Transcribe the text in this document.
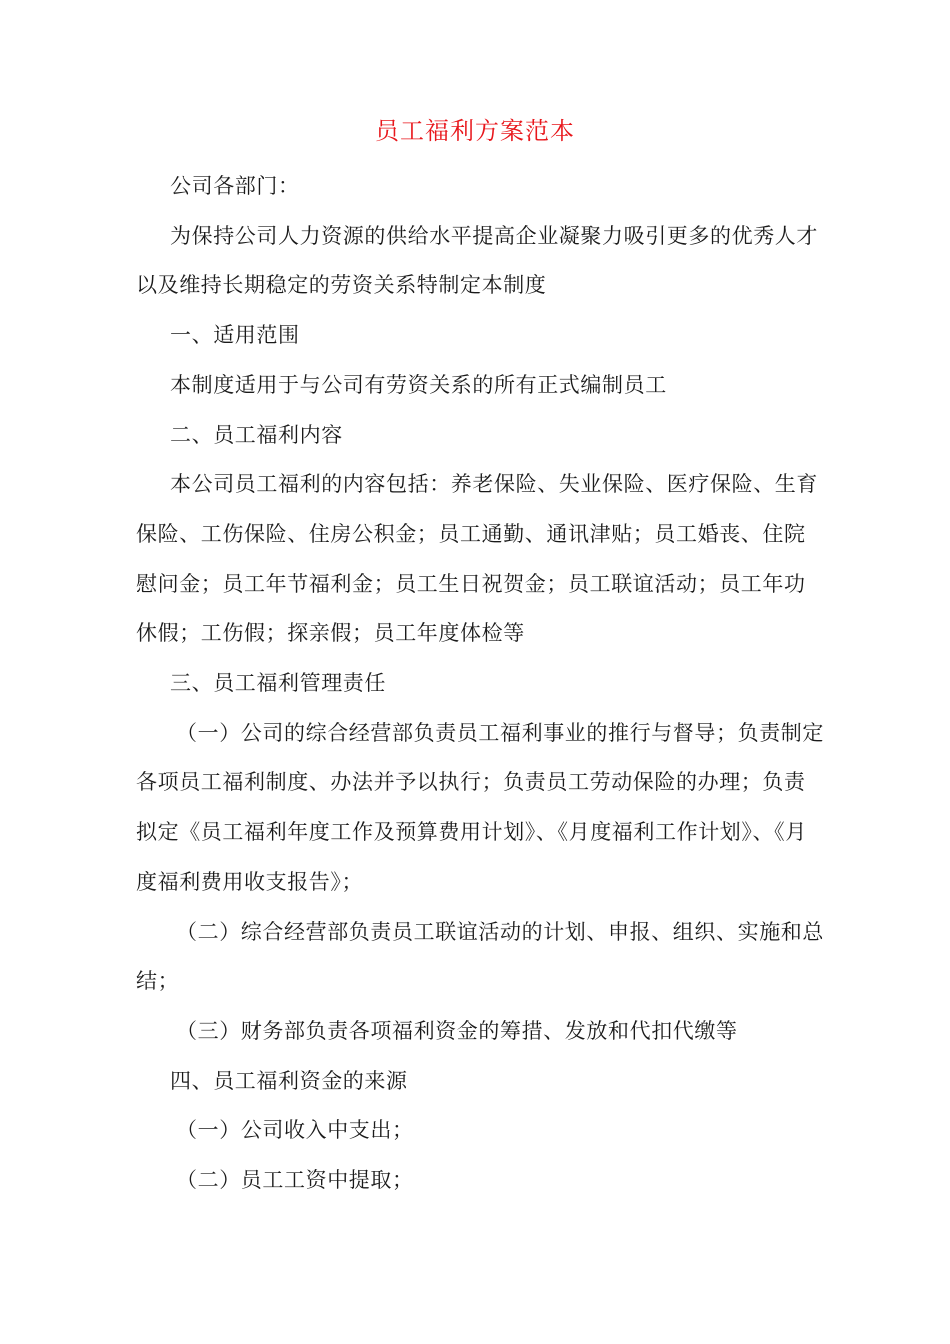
员工福利方案范本

公司各部门：

为保持公司人力资源的供给水平提高企业凝聚力吸引更多的优秀人才以及维持长期稳定的劳资关系特制定本制度

一、适用范围

本制度适用于与公司有劳资关系的所有正式编制员工

二、员工福利内容

本公司员工福利的内容包括：养老保险、失业保险、医疗保险、生育保险、工伤保险、住房公积金；员工通勤、通讯津贴；员工婚丧、住院慰问金；员工年节福利金；员工生日祝贺金；员工联谊活动；员工年功休假；工伤假；探亲假；员工年度体检等

三、员工福利管理责任

（一）公司的综合经营部负责员工福利事业的推行与督导；负责制定各项员工福利制度、办法并予以执行；负责员工劳动保险的办理；负责拟定《员工福利年度工作及预算费用计划》、《月度福利工作计划》、《月度福利费用收支报告》；

（二）综合经营部负责员工联谊活动的计划、申报、组织、实施和总结；

（三）财务部负责各项福利资金的筹措、发放和代扣代缴等

四、员工福利资金的来源

（一）公司收入中支出；

（二）员工工资中提取；
